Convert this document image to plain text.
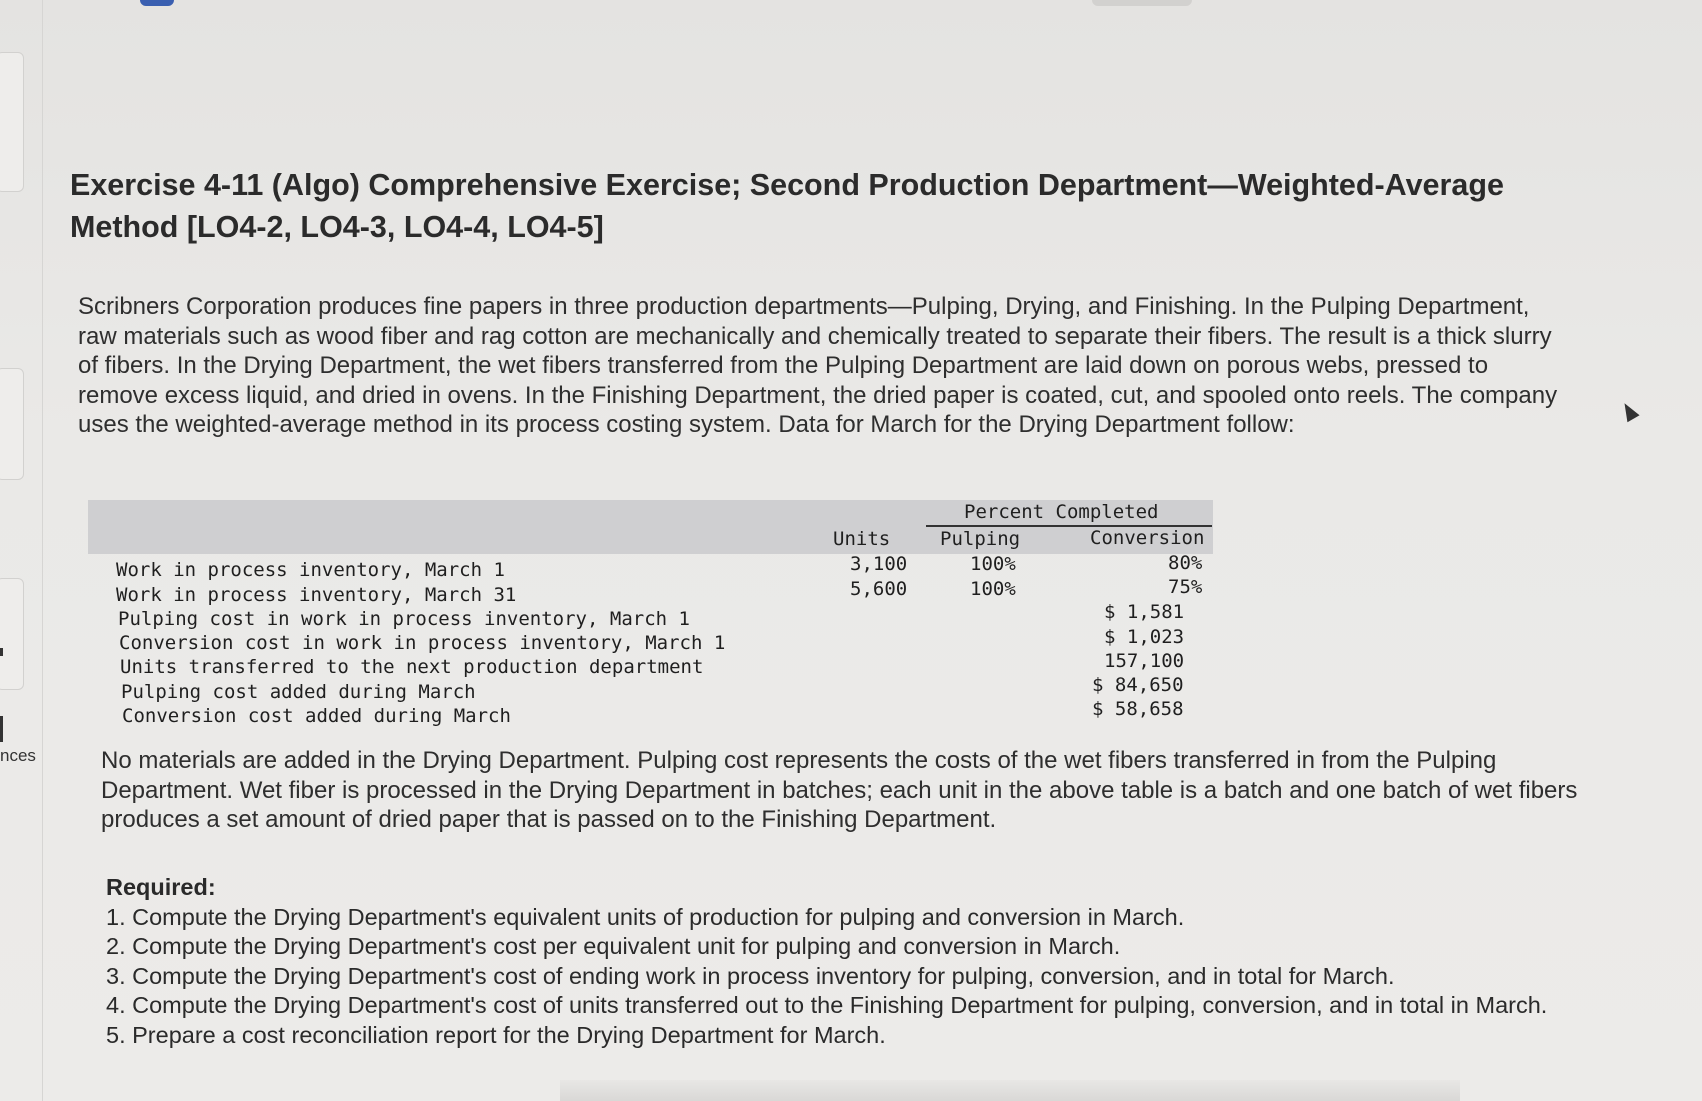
nces
Exercise 4-11 (Algo) Comprehensive Exercise; Second Production Department—Weighted-Average Method [LO4-2, LO4-3, LO4-4, LO4-5]

Scribners Corporation produces fine papers in three production departments—Pulping, Drying, and Finishing. In the Pulping Department, raw materials such as wood fiber and rag cotton are mechanically and chemically treated to separate their fibers. The result is a thick slurry of fibers. In the Drying Department, the wet fibers transferred from the Pulping Department are laid down on porous webs, pressed to remove excess liquid, and dried in ovens. In the Finishing Department, the dried paper is coated, cut, and spooled onto reels. The company uses the weighted-average method in its process costing system. Data for March for the Drying Department follow:

Percent Completed
Units	Pulping	Conversion
Work in process inventory, March 1	3,100	100%	80%
Work in process inventory, March 31	5,600	100%	75%
Pulping cost in work in process inventory, March 1	$ 1,581
Conversion cost in work in process inventory, March 1	$ 1,023
Units transferred to the next production department	157,100
Pulping cost added during March	$ 84,650
Conversion cost added during March	$ 58,658

No materials are added in the Drying Department. Pulping cost represents the costs of the wet fibers transferred in from the Pulping Department. Wet fiber is processed in the Drying Department in batches; each unit in the above table is a batch and one batch of wet fibers produces a set amount of dried paper that is passed on to the Finishing Department.

Required:
1. Compute the Drying Department's equivalent units of production for pulping and conversion in March.
2. Compute the Drying Department's cost per equivalent unit for pulping and conversion in March.
3. Compute the Drying Department's cost of ending work in process inventory for pulping, conversion, and in total for March.
4. Compute the Drying Department's cost of units transferred out to the Finishing Department for pulping, conversion, and in total in March.
5. Prepare a cost reconciliation report for the Drying Department for March.
